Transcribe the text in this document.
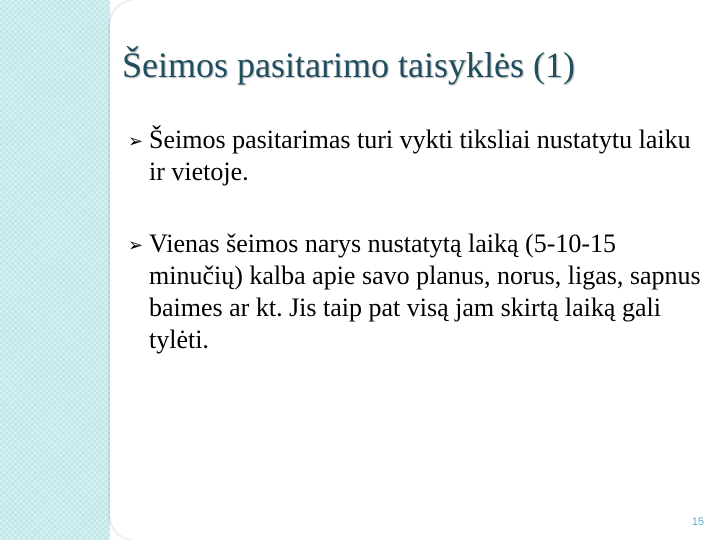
Šeimos pasitarimo taisyklės (1)
➢ Šeimos pasitarimas turi vykti tiksliai nustatytu laiku ir vietoje.
➢ Vienas šeimos narys nustatytą laiką (5-10-15 minučių) kalba apie savo planus, norus, ligas, sapnus baimes ar kt. Jis taip pat visą jam skirtą laiką gali tylėti.
15
